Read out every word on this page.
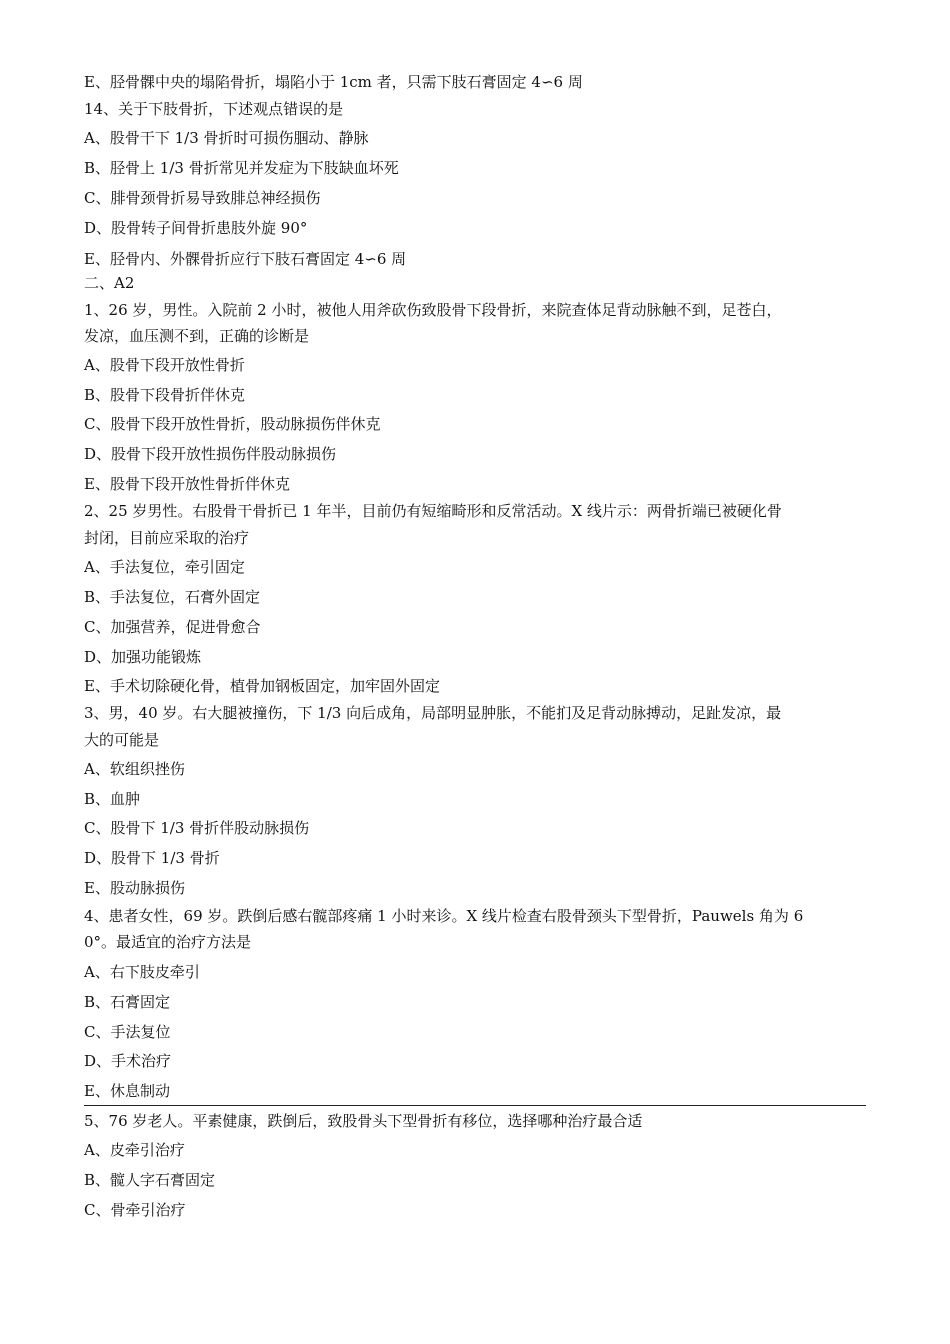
E、胫骨髁中央的塌陷骨折，塌陷小于 1cm 者，只需下肢石膏固定 4∽6 周

14、关于下肢骨折，下述观点错误的是

A、股骨干下 1/3 骨折时可损伤腘动、静脉

B、胫骨上 1/3 骨折常见并发症为下肢缺血坏死

C、腓骨颈骨折易导致腓总神经损伤

D、股骨转子间骨折患肢外旋 90°

E、胫骨内、外髁骨折应行下肢石膏固定 4∽6 周

二、A2

1、26 岁，男性。入院前 2 小时，被他人用斧砍伤致股骨下段骨折，来院查体足背动脉触不到，足苍白，

发凉，血压测不到，正确的诊断是

A、股骨下段开放性骨折

B、股骨下段骨折伴休克

C、股骨下段开放性骨折，股动脉损伤伴休克

D、股骨下段开放性损伤伴股动脉损伤

E、股骨下段开放性骨折伴休克

2、25 岁男性。右股骨干骨折已 1 年半，目前仍有短缩畸形和反常活动。X 线片示：两骨折端已被硬化骨

封闭，目前应采取的治疗

A、手法复位，牵引固定

B、手法复位，石膏外固定

C、加强营养，促进骨愈合

D、加强功能锻炼

E、手术切除硬化骨，植骨加钢板固定，加牢固外固定

3、男，40 岁。右大腿被撞伤，下 1/3 向后成角，局部明显肿胀，不能扪及足背动脉搏动，足趾发凉，最

大的可能是

A、软组织挫伤

B、血肿

C、股骨下 1/3 骨折伴股动脉损伤

D、股骨下 1/3 骨折

E、股动脉损伤

4、患者女性，69 岁。跌倒后感右髋部疼痛 1 小时来诊。X 线片检查右股骨颈头下型骨折，Pauwels 角为 6

0°。最适宜的治疗方法是

A、右下肢皮牵引

B、石膏固定

C、手法复位

D、手术治疗

E、休息制动

5、76 岁老人。平素健康，跌倒后，致股骨头下型骨折有移位，选择哪种治疗最合适

A、皮牵引治疗

B、髋人字石膏固定

C、骨牵引治疗
